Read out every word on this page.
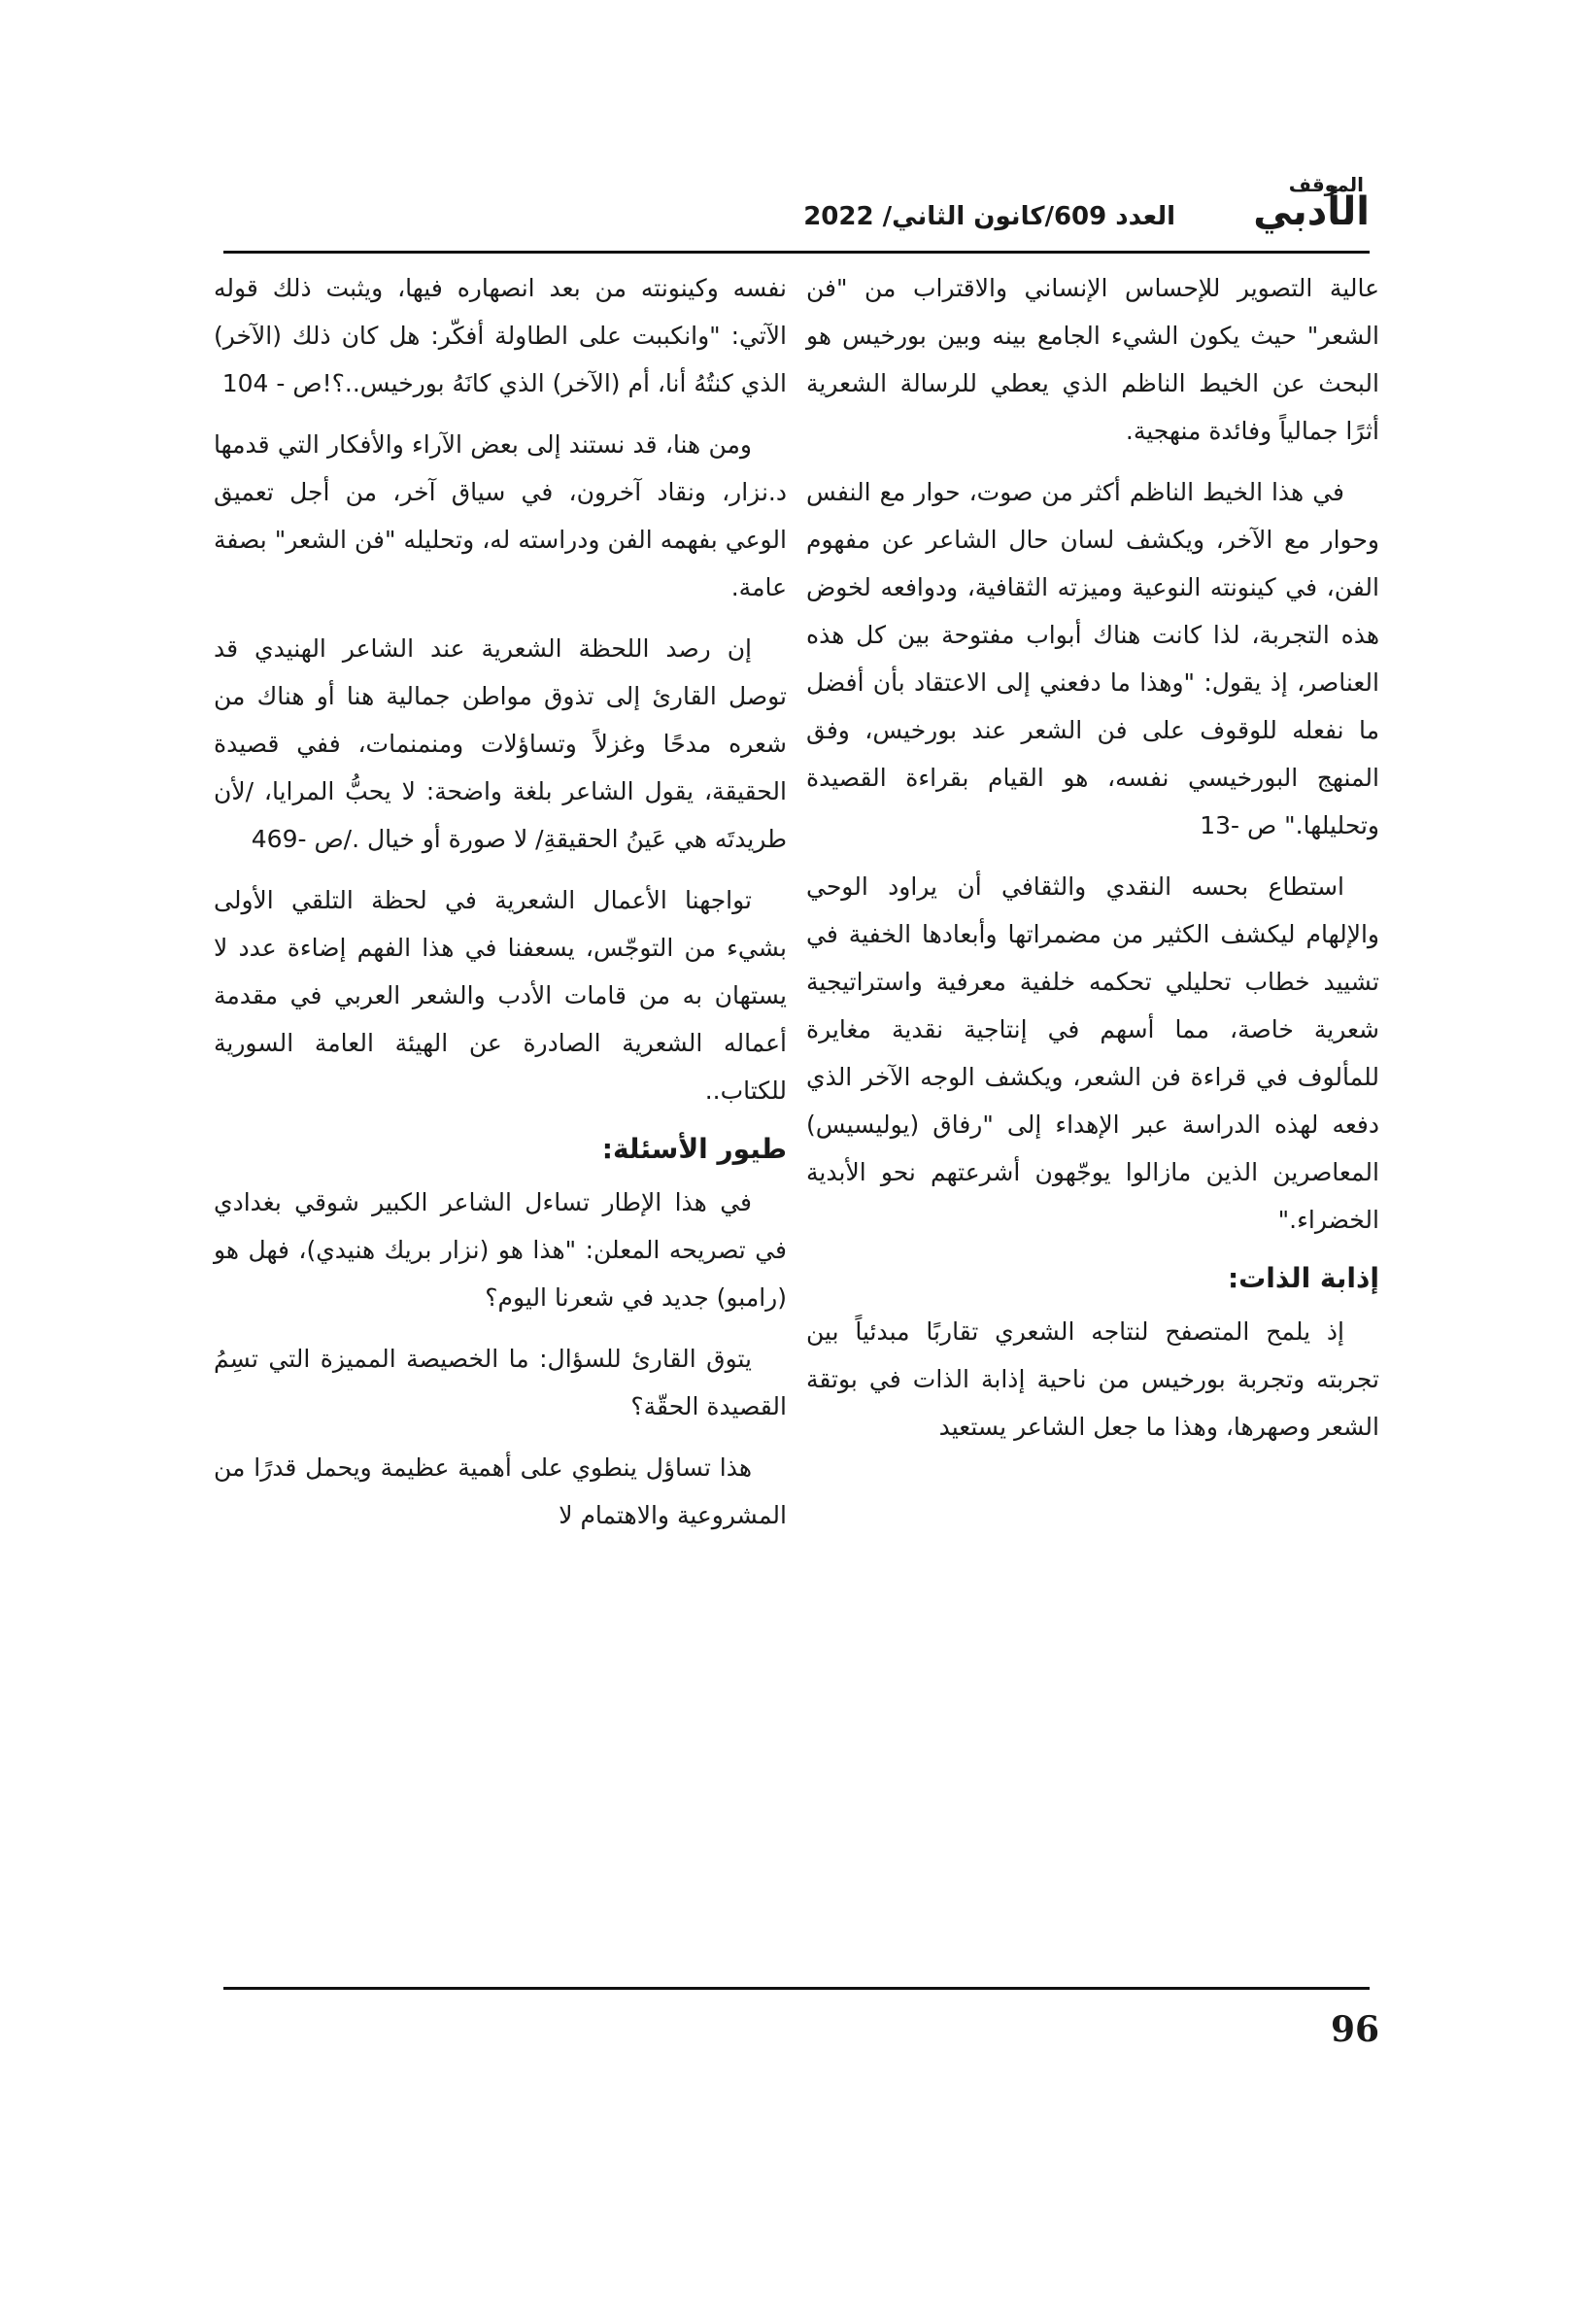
الموقف
الأدبي
العدد 609/كانون الثاني/ 2022

عالية التصوير للإحساس الإنساني والاقتراب من "فن الشعر" حيث يكون الشيء الجامع بينه وبين بورخيس هو البحث عن الخيط الناظم الذي يعطي للرسالة الشعرية أثرًا جمالياً وفائدة منهجية.

في هذا الخيط الناظم أكثر من صوت، حوار مع النفس وحوار مع الآخر، ويكشف لسان حال الشاعر عن مفهوم الفن، في كينونته النوعية وميزته الثقافية، ودوافعه لخوض هذه التجربة، لذا كانت هناك أبواب مفتوحة بين كل هذه العناصر، إذ يقول: "وهذا ما دفعني إلى الاعتقاد بأن أفضل ما نفعله للوقوف على فن الشعر عند بورخيس، وفق المنهج البورخيسي نفسه، هو القيام بقراءة القصيدة وتحليلها." ص -13

استطاع بحسه النقدي والثقافي أن يراود الوحي والإلهام ليكشف الكثير من مضمراتها وأبعادها الخفية في تشييد خطاب تحليلي تحكمه خلفية معرفية واستراتيجية شعرية خاصة، مما أسهم في إنتاجية نقدية مغايرة للمألوف في قراءة فن الشعر، ويكشف الوجه الآخر الذي دفعه لهذه الدراسة عبر الإهداء إلى "رفاق (يوليسيس) المعاصرين الذين مازالوا يوجّهون أشرعتهم نحو الأبدية الخضراء."

إذابة الذات:

إذ يلمح المتصفح لنتاجه الشعري تقاربًا مبدئياً بين تجربته وتجربة بورخيس من ناحية إذابة الذات في بوتقة الشعر وصهرها، وهذا ما جعل الشاعر يستعيد

نفسه وكينونته من بعد انصهاره فيها، ويثبت ذلك قوله الآتي: "وانكببت على الطاولة أفكّر: هل كان ذلك (الآخر) الذي كنتُهُ أنا، أم (الآخر) الذي كانَهُ بورخيس..؟!ص - 104

ومن هنا، قد نستند إلى بعض الآراء والأفكار التي قدمها د.نزار، ونقاد آخرون، في سياق آخر، من أجل تعميق الوعي بفهمه الفن ودراسته له، وتحليله "فن الشعر" بصفة عامة.

إن رصد اللحظة الشعرية عند الشاعر الهنيدي قد توصل القارئ إلى تذوق مواطن جمالية هنا أو هناك من شعره مدحًا وغزلاً وتساؤلات ومنمنمات، ففي قصيدة الحقيقة، يقول الشاعر بلغة واضحة: لا يحبُّ المرايا، /لأن طريدتَه هي عَينُ الحقيقةِ/ لا صورة أو خيال ./ص -469

تواجهنا الأعمال الشعرية في لحظة التلقي الأولى بشيء من التوجّس، يسعفنا في هذا الفهم إضاءة عدد لا يستهان به من قامات الأدب والشعر العربي في مقدمة أعماله الشعرية الصادرة عن الهيئة العامة السورية للكتاب..

طيور الأسئلة:

في هذا الإطار تساءل الشاعر الكبير شوقي بغدادي في تصريحه المعلن: "هذا هو (نزار بريك هنيدي)، فهل هو (رامبو) جديد في شعرنا اليوم؟

يتوق القارئ للسؤال: ما الخصيصة المميزة التي تسِمُ القصيدة الحقّة؟

هذا تساؤل ينطوي على أهمية عظيمة ويحمل قدرًا من المشروعية والاهتمام لا

96
